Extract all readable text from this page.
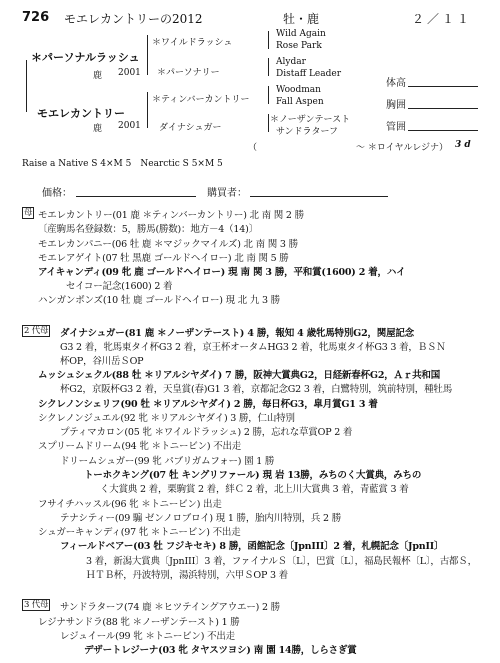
726 モエレカントリーの2012	牡・鹿	２／１１
＊パーソナルラッシュ
鹿 2001
モエレカントリー
鹿 2001
＊ワイルドラッシュ
＊パーソナリー
＊ティンバーカントリー
ダイナシュガー
Wild Again
Rose Park
Alydar
Distaff Leader
Woodman
Fall Aspen
＊ノーザンテースト
サンドラターフ
（　　　　　　　　　　　〜 ＊ロイヤルレジナ） 3 d
体高
胸囲
管囲
Raise a Native S 4×M 5　Nearctic S 5×M 5
価格：	購買者：
母 モエレカントリー(01 鹿 ＊ティンバーカントリー) 北 南 関 2 勝
〔産駒馬名登録数：5，勝馬(勝数)：地方－4（14)〕
モエレカンパニー(06 牡 鹿 ＊マジックマイルズ) 北 南 関 3 勝
モエレアゲイト(07 牡 黒鹿 ゴールドヘイロー) 北 南 関 5 勝
アイキャンディ(09 牝 鹿 ゴールドヘイロー) 現 南 関 3 勝，平和賞(1600) 2 着，ハイ
セイコー記念(1600) 2 着
ハンガンボンズ(10 牡 鹿 ゴールドヘイロー) 現 北 九 3 勝
2 代母 ダイナシュガー(81 鹿 ＊ノーザンテースト) 4 勝，報知 4 歳牝馬特別G2，関屋記念
G3 2 着，牝馬東タイ杯G3 2 着，京王杯オータムHG3 2 着，牝馬東タイ杯G3 3 着，ＢＳＮ
杯OP，谷川岳ＳOP
ムッシュシェクル(88 牡 ＊リアルシヤダイ) 7 勝，阪神大賞典G2，日経新春杯G2，Ａｒ共和国
杯G2，京阪杯G3 2 着，天皇賞(春)G1 3 着，京都記念G2 3 着，白鷺特別，筑前特別，種牡馬
シクレノンシェリフ(90 牡 ＊リアルシヤダイ) 2 勝，毎日杯G3，皐月賞G1 3 着
シクレノンジュエル(92 牝 ＊リアルシヤダイ) 3 勝，仁山特別
プティマカロン(05 牝 ＊ワイルドラッシュ) 2 勝，忘れな草賞OP 2 着
スプリームドリーム(94 牝 ＊トニービン) 不出走
ドリームシュガー(99 牝 パブリガムフォー) 園 1 勝
トーホクキング(07 牡 キングリファール) 現 岩 13勝，みちのく大賞典，みちの
く大賞典 2 着，栗駒賞 2 着，絆Ｃ 2 着，北上川大賞典 3 着，青藍賞 3 着
フサイチハッスル(96 牝 ＊トニービン) 出走
テナシティー(09 騸 ゼンノロブロイ) 現 1 勝，胎内川特別，兵 2 勝
シュガーキャンディ(97 牝 ＊トニービン) 不出走
フィールドベアー(03 牡 フジキセキ) 8 勝，函館記念〔JpnIII〕2 着，札幌記念〔JpnII〕
3 着，新潟大賞典〔JpnIII〕3 着，ファイナルＳ〔L〕，巴賞〔L〕，福島民報杯〔L〕，古都Ｓ，
ＨＴＢ杯，丹波特別，湯浜特別，六甲ＳOP 3 着
3 代母 サンドラターフ(74 鹿 ＊ヒツテイングアウエー) 2 勝
レジナサンドラ(88 牝 ＊ノーザンテースト) 1 勝
レジュイール(99 牝 ＊トニービン) 不出走
デザートレジーナ(03 牝 タヤスツヨシ) 南 園 14勝，しらさぎ賞
